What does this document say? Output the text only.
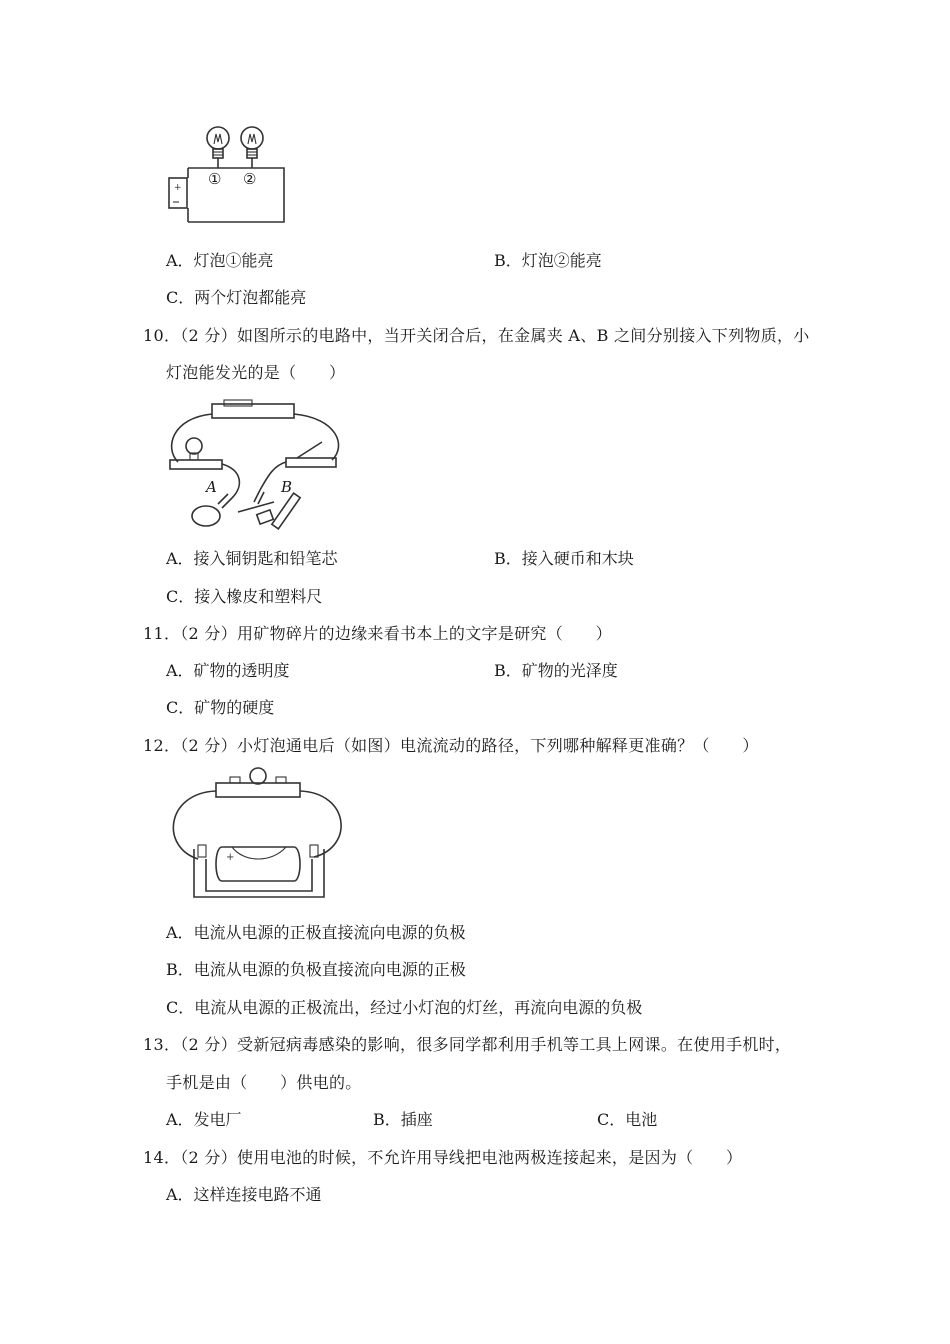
+ ① ②
A．灯泡①能亮	B．灯泡②能亮
C．两个灯泡都能亮
10．（2 分）如图所示的电路中，当开关闭合后，在金属夹 A、B 之间分别接入下列物质，小
灯泡能发光的是（　　）
A	B
A．接入铜钥匙和铅笔芯	B．接入硬币和木块
C．接入橡皮和塑料尺
11．（2 分）用矿物碎片的边缘来看书本上的文字是研究（　　）
A．矿物的透明度	B．矿物的光泽度
C．矿物的硬度
12．（2 分）小灯泡通电后（如图）电流流动的路径，下列哪种解释更准确？（　　）
+
A．电流从电源的正极直接流向电源的负极
B．电流从电源的负极直接流向电源的正极
C．电流从电源的正极流出，经过小灯泡的灯丝，再流向电源的负极
13．（2 分）受新冠病毒感染的影响，很多同学都利用手机等工具上网课。在使用手机时，
手机是由（　　）供电的。
A．发电厂	B．插座	C．电池
14．（2 分）使用电池的时候，不允许用导线把电池两极连接起来，是因为（　　）
A．这样连接电路不通
